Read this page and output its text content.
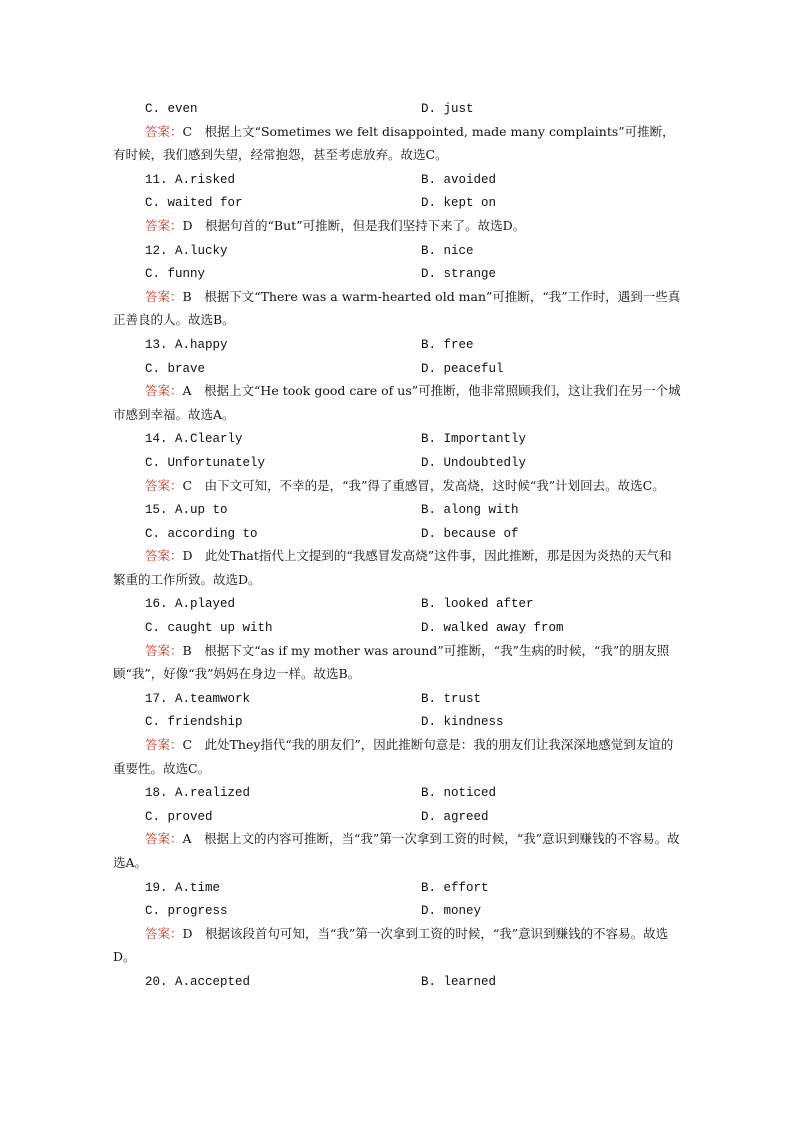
C. even	D. just
答案：C　根据上文“Sometimes we felt disappointed, made many complaints”可推断，有时候，我们感到失望，经常抱怨，甚至考虑放弃。故选C。
11. A.risked	B. avoided
C. waited for	D. kept on
答案：D　根据句首的“But”可推断，但是我们坚持下来了。故选D。
12. A.lucky	B. nice
C. funny	D. strange
答案：B　根据下文“There was a warm-hearted old man”可推断，“我”工作时，遇到一些真正善良的人。故选B。
13. A.happy	B. free
C. brave	D. peaceful
答案：A　根据上文“He took good care of us”可推断，他非常照顾我们，这让我们在另一个城市感到幸福。故选A。
14. A.Clearly	B. Importantly
C. Unfortunately	D. Undoubtedly
答案：C　由下文可知，不幸的是，“我”得了重感冒，发高烧，这时候“我”计划回去。故选C。
15. A.up to	B. along with
C. according to	D. because of
答案：D　此处That指代上文提到的“我感冒发高烧”这件事，因此推断，那是因为炎热的天气和繁重的工作所致。故选D。
16. A.played	B. looked after
C. caught up with	D. walked away from
答案：B　根据下文“as if my mother was around”可推断，“我”生病的时候，“我”的朋友照顾“我”，好像“我”妈妈在身边一样。故选B。
17. A.teamwork	B. trust
C. friendship	D. kindness
答案：C　此处They指代“我的朋友们”，因此推断句意是：我的朋友们让我深深地感觉到友谊的重要性。故选C。
18. A.realized	B. noticed
C. proved	D. agreed
答案：A　根据上文的内容可推断，当“我”第一次拿到工资的时候，“我”意识到赚钱的不容易。故选A。
19. A.time	B. effort
C. progress	D. money
答案：D　根据该段首句可知，当“我”第一次拿到工资的时候，“我”意识到赚钱的不容易。故选D。
20. A.accepted	B. learned
